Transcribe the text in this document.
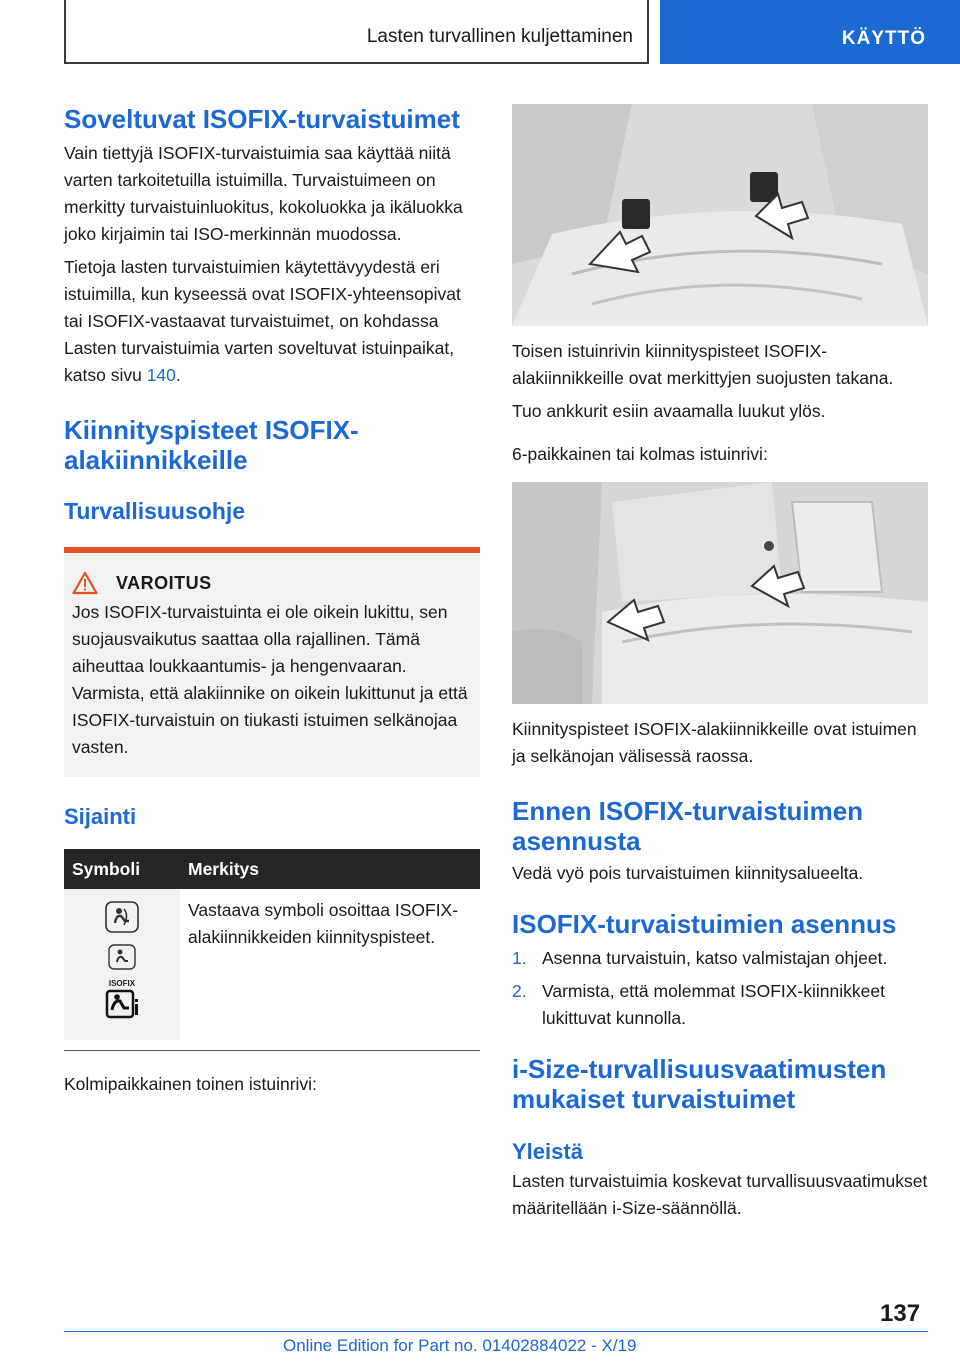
Lasten turvallinen kuljettaminen	KÄYTTÖ
Soveltuvat ISOFIX-turvaistuimet

Vain tiettyjä ISOFIX-turvaistuimia saa käyttää niitä varten tarkoitetuilla istuimilla. Turvaistuimeen on merkitty turvaistuinluokitus, kokoluokka ja ikäluokka joko kirjaimin tai ISO-merkinnän muodossa.

Tietoja lasten turvaistuimien käytettävyydestä eri istuimilla, kun kyseessä ovat ISOFIX-yhteensopivat tai ISOFIX-vastaavat turvaistuimet, on kohdassa Lasten turvaistuimia varten soveltuvat istuinpaikat, katso sivu 140.

Kiinnityspisteet ISOFIX-alakiinnikkeille
Turvallisuusohje
VAROITUS

Jos ISOFIX-turvaistuinta ei ole oikein lukittu, sen suojausvaikutus saattaa olla rajallinen. Tämä aiheuttaa loukkaantumis- ja hengenvaaran. Varmista, että alakiinnike on oikein lukittunut ja että ISOFIX-turvaistuin on tiukasti istuimen selkänojaa vasten.

Sijainti
Symboli	Merkitys

ISOFIX	Vastaava symboli osoittaa ISOFIX-alakiinnikkeiden kiinnityspisteet.

Kolmipaikkainen toinen istuinrivi:

Toisen istuinrivin kiinnityspisteet ISOFIX-alakiinnikkeille ovat merkittyjen suojusten takana.

Tuo ankkurit esiin avaamalla luukut ylös.

6-paikkainen tai kolmas istuinrivi:

Kiinnityspisteet ISOFIX-alakiinnikkeille ovat istuimen ja selkänojan välisessä raossa.

Ennen ISOFIX-turvaistuimen asennusta

Vedä vyö pois turvaistuimen kiinnitysalueelta.

ISOFIX-turvaistuimien asennus
1. Asenna turvaistuin, katso valmistajan ohjeet.
2. Varmista, että molemmat ISOFIX-kiinnikkeet lukittuvat kunnolla.
i-Size-turvallisuusvaatimusten mukaiset turvaistuimet
Yleistä

Lasten turvaistuimia koskevat turvallisuusvaatimukset määritellään i-Size-säännöllä.

137
Online Edition for Part no. 01402884022 - X/19
